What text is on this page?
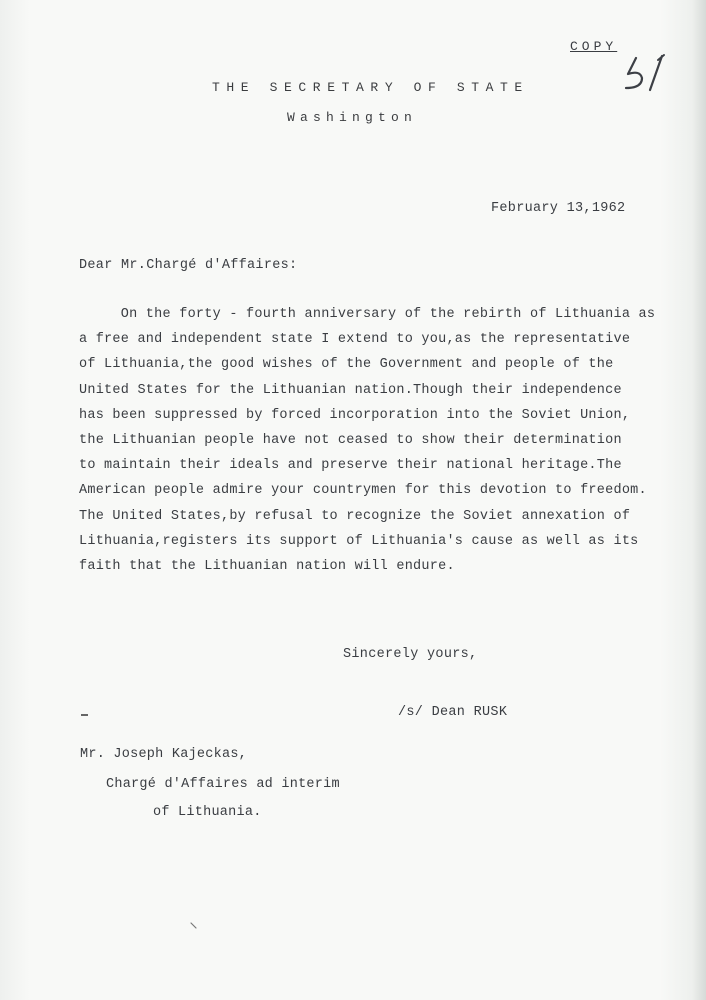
COPY
THE SECRETARY OF STATE
Washington
February 13,1962
Dear Mr.Chargé d'Affaires:
On the forty - fourth anniversary of the rebirth of Lithuania as
a free and independent state I extend to you,as the representative
of Lithuania,the good wishes of the Government and people of the
United States for the Lithuanian nation.Though their independence
has been suppressed by forced incorporation into the Soviet Union,
the Lithuanian people have not ceased to show their determination
to maintain their ideals and preserve their national heritage.The
American people admire your countrymen for this devotion to freedom.
The United States,by refusal to recognize the Soviet annexation of
Lithuania,registers its support of Lithuania's cause as well as its
faith that the Lithuanian nation will endure.
Sincerely yours,
/s/ Dean RUSK
Mr. Joseph Kajeckas,
Chargé d'Affaires ad interim
of Lithuania.
